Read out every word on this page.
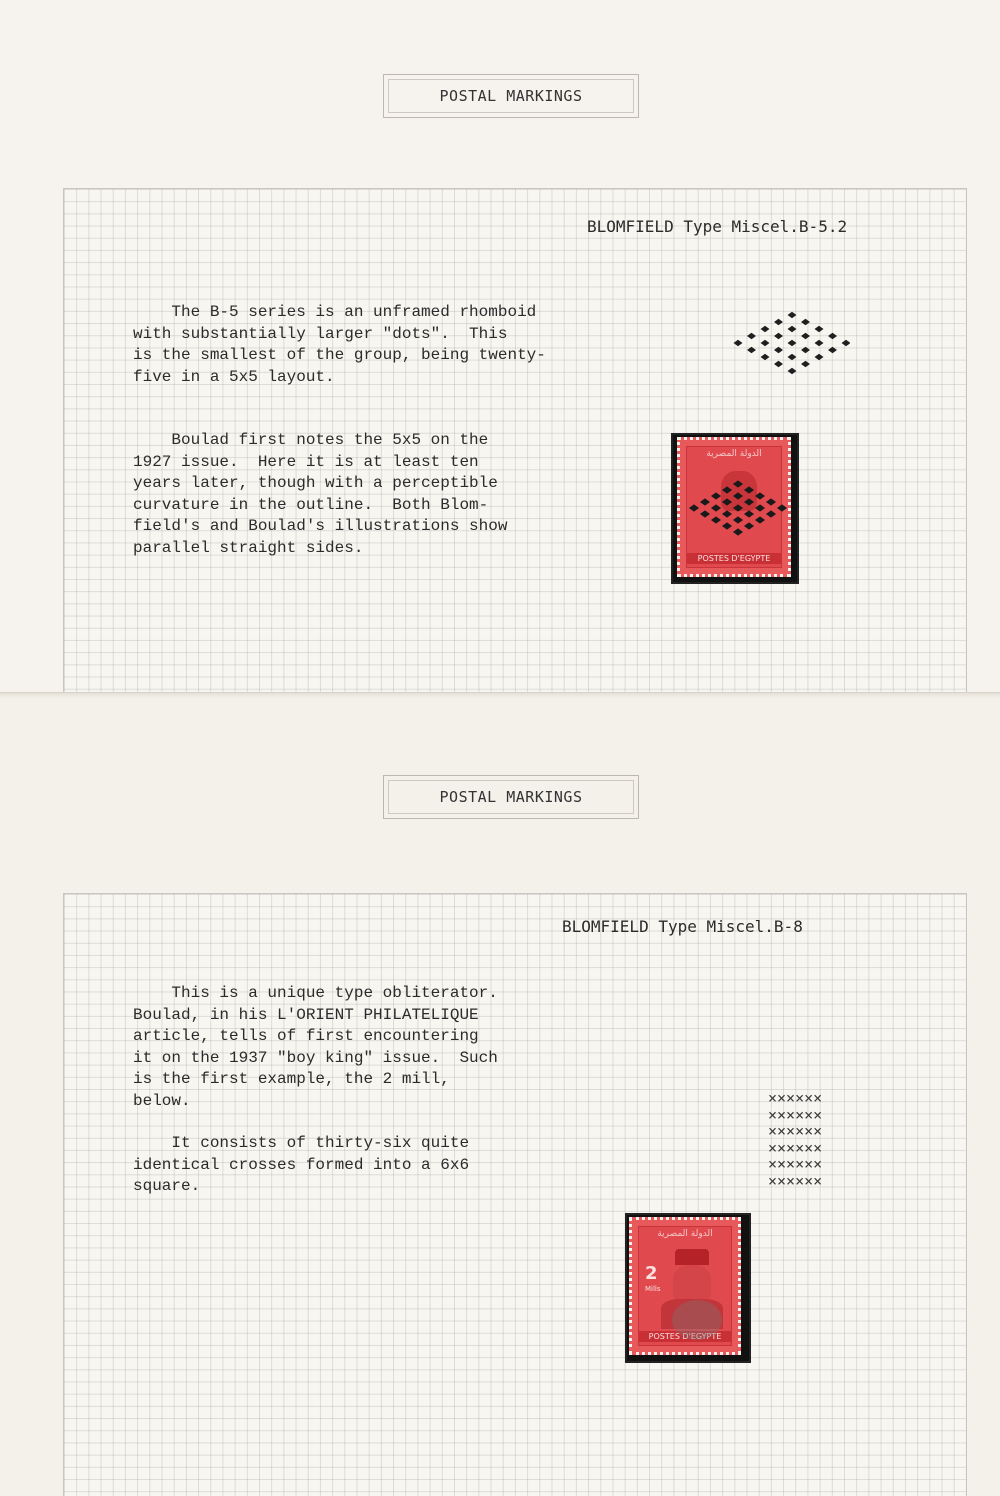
POSTAL MARKINGS
BLOMFIELD Type Miscel.B-5.2
The B-5 series is an unframed rhomboid
with substantially larger "dots".  This
is the smallest of the group, being twenty-
five in a 5x5 layout.
Boulad first notes the 5x5 on the
1927 issue.  Here it is at least ten
years later, though with a perceptible
curvature in the outline.  Both Blom-
field's and Boulad's illustrations show
parallel straight sides.
الدولة المصرية
POSTES D'EGYPTE
POSTAL MARKINGS
BLOMFIELD Type Miscel.B-8
This is a unique type obliterator.
Boulad, in his L'ORIENT PHILATELIQUE
article, tells of first encountering
it on the 1937 "boy king" issue.  Such
is the first example, the 2 mill,
below.
It consists of thirty-six quite
identical crosses formed into a 6x6
square.
××××××
××××××
××××××
××××××
××××××
××××××
الدولة المصرية
2
Mills
POSTES D'EGYPTE
